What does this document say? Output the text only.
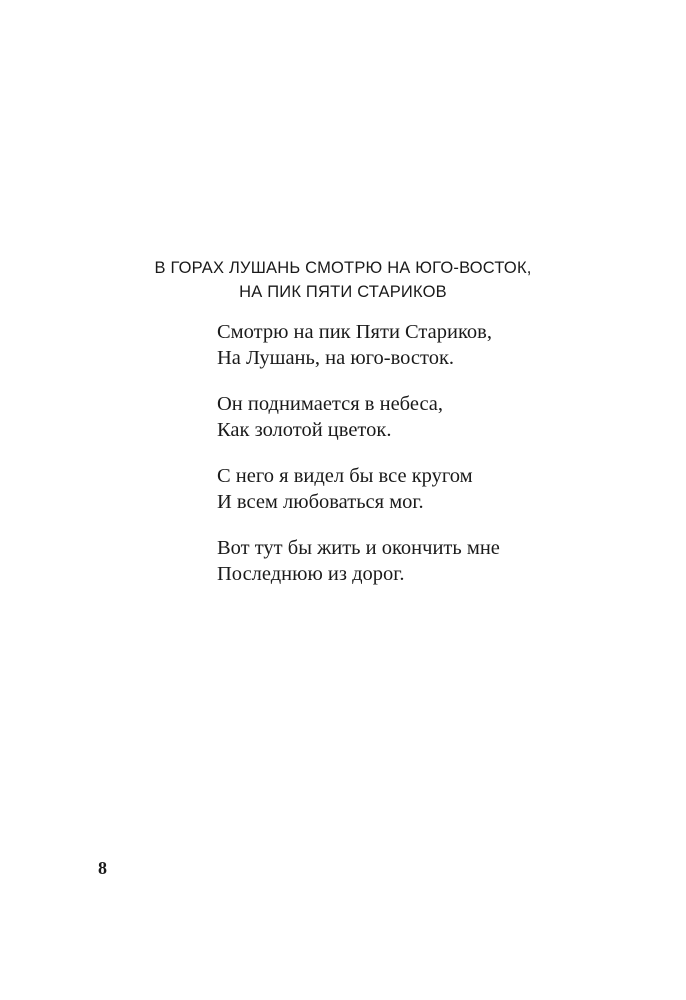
В ГОРАХ ЛУШАНЬ СМОТРЮ НА ЮГО-ВОСТОК,
НА ПИК ПЯТИ СТАРИКОВ
Смотрю на пик Пяти Стариков,
На Лушань, на юго-восток.
Он поднимается в небеса,
Как золотой цветок.
С него я видел бы все кругом
И всем любоваться мог.
Вот тут бы жить и окончить мне
Последнюю из дорог.
8
